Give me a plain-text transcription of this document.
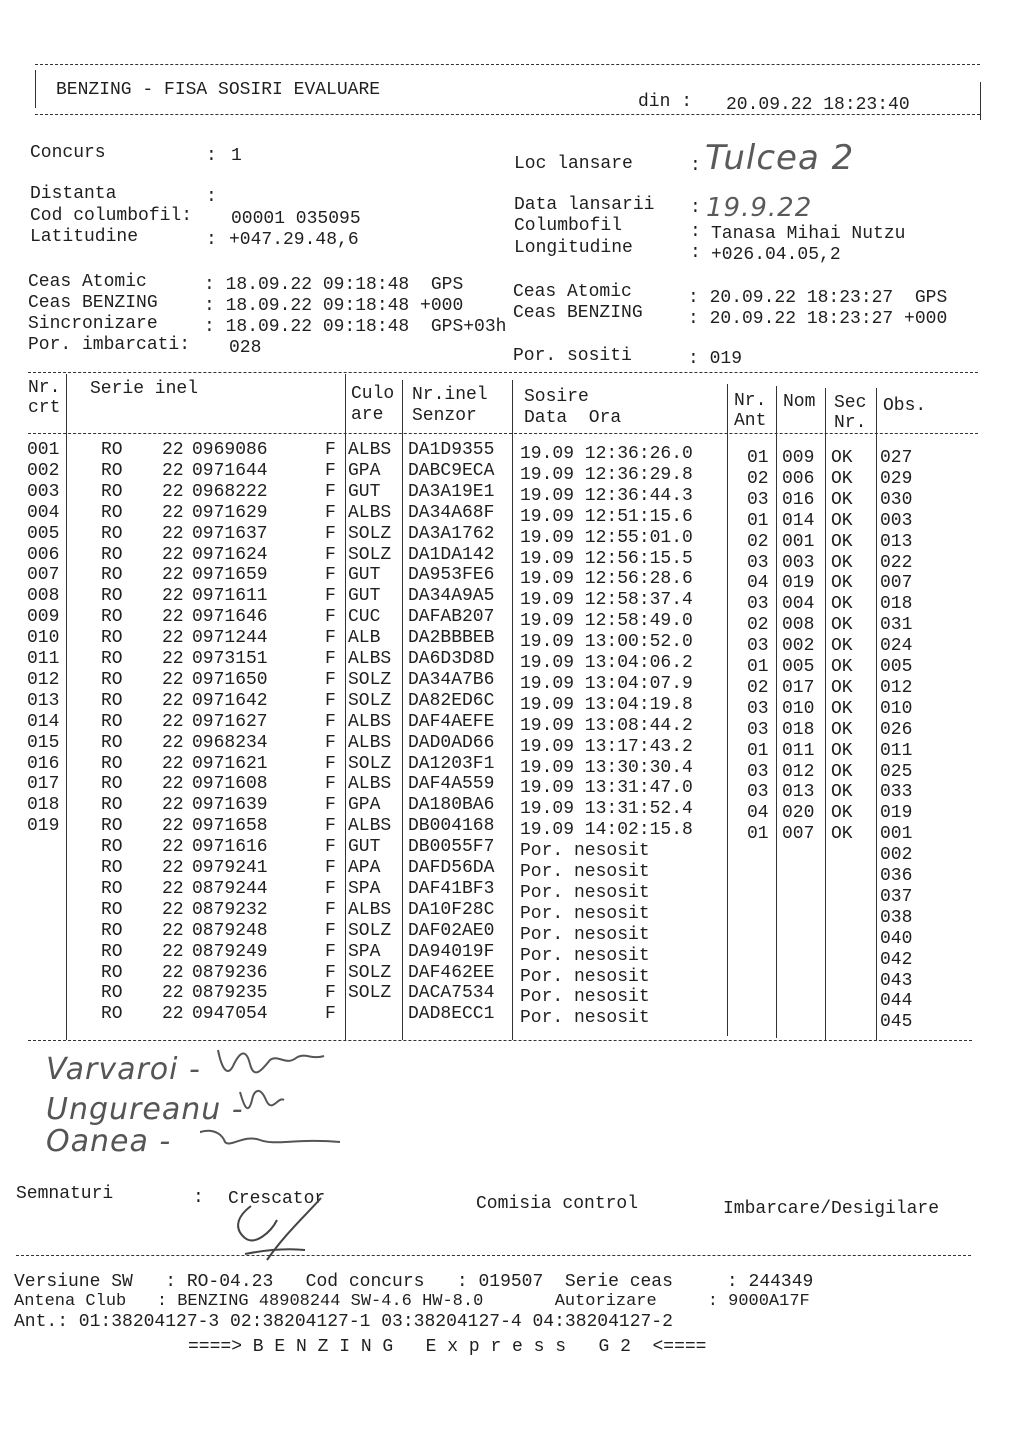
BENZING - FISA SOSIRI EVALUARE
din : 20.09.22 18:23:40
Concurs	: 1
Distanta	:
Cod columbofil: 00001 035095
Latitudine	: +047.29.48,6
Loc lansare	: Tulcea 2
Data lansarii : 19.9.22
Columbofil	: Tanasa Mihai Nutzu
Longitudine	: +026.04.05,2
Ceas Atomic	: 18.09.22 09:18:48  GPS
Ceas BENZING	: 18.09.22 09:18:48 +000
Sincronizare	: 18.09.22 09:18:48  GPS+03h
Por. imbarcati: 028
Ceas Atomic	: 20.09.22 18:23:27  GPS
Ceas BENZING	: 20.09.22 18:23:27 +000
Por. sositi	: 019
Nr.
crt
Serie inel	Culo
are
Nr.inel
Senzor
Sosire
Data  Ora
Nr.
Ant
Nom Sec
Nr.
Obs.
001 RO 22 0969086	F ALBS DA1D9355 19.09 12:36:26.0	01 009 OK 027
002 RO 22 0971644	F GPA DABC9ECA 19.09 12:36:29.8	02 006 OK 029
003 RO 22 0968222	F GUT DA3A19E1 19.09 12:36:44.3	03 016 OK 030
004 RO 22 0971629	F ALBS DA34A68F 19.09 12:51:15.6	01 014 OK 003
005 RO 22 0971637	F SOLZ DA3A1762 19.09 12:55:01.0	02 001 OK 013
006 RO 22 0971624	F SOLZ DA1DA142 19.09 12:56:15.5	03 003 OK 022
007 RO 22 0971659	F GUT DA953FE6 19.09 12:56:28.6	04 019 OK 007
008 RO 22 0971611	F GUT DA34A9A5 19.09 12:58:37.4	03 004 OK 018
009 RO 22 0971646	F CUC DAFAB207 19.09 12:58:49.0	02 008 OK 031
010 RO 22 0971244	F ALB DA2BBBEB 19.09 13:00:52.0	03 002 OK 024
011 RO 22 0973151	F ALBS DA6D3D8D 19.09 13:04:06.2	01 005 OK 005
012 RO 22 0971650	F SOLZ DA34A7B6 19.09 13:04:07.9	02 017 OK 012
013 RO 22 0971642	F SOLZ DA82ED6C 19.09 13:04:19.8	03 010 OK 010
014 RO 22 0971627	F ALBS DAF4AEFE 19.09 13:08:44.2	03 018 OK 026
015 RO 22 0968234	F ALBS DAD0AD66 19.09 13:17:43.2	01 011 OK 011
016 RO 22 0971621	F SOLZ DA1203F1 19.09 13:30:30.4	03 012 OK 025
017 RO 22 0971608	F ALBS DAF4A559 19.09 13:31:47.0	03 013 OK 033
018 RO 22 0971639	F GPA DA180BA6 19.09 13:31:52.4	04 020 OK 019
019 RO 22 0971658	F ALBS DB004168 19.09 14:02:15.8	01 007 OK 001
RO 22 0971616	F GUT DB0055F7 Por. nesosit	002
RO 22 0979241	F APA DAFD56DA Por. nesosit	036
RO 22 0879244	F SPA DAF41BF3 Por. nesosit	037
RO 22 0879232	F ALBS DA10F28C Por. nesosit	038
RO 22 0879248	F SOLZ DAF02AE0 Por. nesosit	040
RO 22 0879249	F SPA DA94019F Por. nesosit	042
RO 22 0879236	F SOLZ DAF462EE Por. nesosit	043
RO 22 0879235	F SOLZ DACA7534 Por. nesosit	044
RO 22 0947054	F	DAD8ECC1 Por. nesosit	045
Varvaroi -
Ungureanu -
Oanea -
Semnaturi	: Crescator	Comisia control	Imbarcare/Desigilare
Versiune SW   : RO-04.23   Cod concurs   : 019507  Serie ceas     : 244349
Antena Club   : BENZING 48908244 SW-4.6 HW-8.0       Autorizare     : 9000A17F
Ant.: 01:38204127-3 02:38204127-1 03:38204127-4 04:38204127-2
====> B E N Z I N G   E x p r e s s   G 2  <====
